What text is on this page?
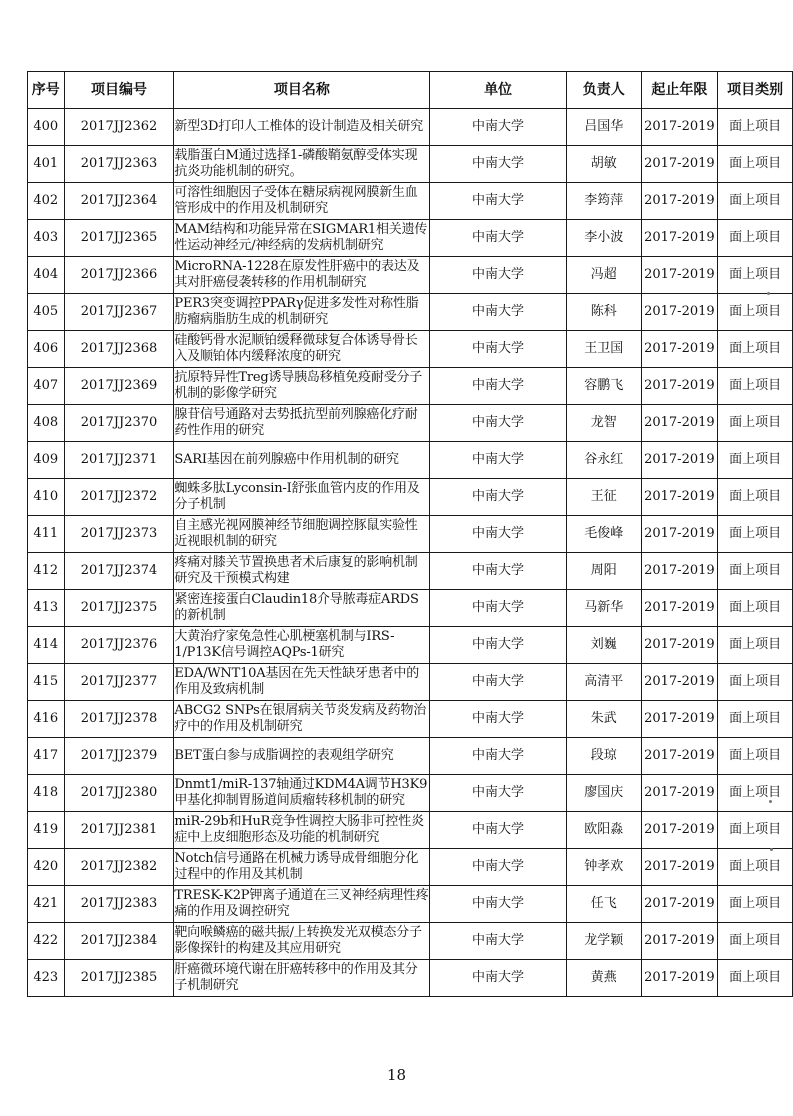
序号	项目编号	项目名称	单位	负责人	起止年限	项目类别
400	2017JJ2362	新型3D打印人工椎体的设计制造及相关研究	中南大学	吕国华	2017-2019	面上项目
401	2017JJ2363	载脂蛋白M通过选择1-磷酸鞘氨醇受体实现抗炎功能机制的研究。	中南大学	胡敏	2017-2019	面上项目
402	2017JJ2364	可溶性细胞因子受体在糖尿病视网膜新生血管形成中的作用及机制研究	中南大学	李筠萍	2017-2019	面上项目
403	2017JJ2365	MAM结构和功能异常在SIGMAR1相关遗传性运动神经元/神经病的发病机制研究	中南大学	李小波	2017-2019	面上项目
404	2017JJ2366	MicroRNA-1228在原发性肝癌中的表达及其对肝癌侵袭转移的作用机制研究	中南大学	冯超	2017-2019	面上项目
405	2017JJ2367	PER3突变调控PPARγ促进多发性对称性脂肪瘤病脂肪生成的机制研究	中南大学	陈科	2017-2019	面上项目
406	2017JJ2368	硅酸钙骨水泥顺铂缓释微球复合体诱导骨长入及顺铂体内缓释浓度的研究	中南大学	王卫国	2017-2019	面上项目
407	2017JJ2369	抗原特异性Treg诱导胰岛移植免疫耐受分子机制的影像学研究	中南大学	容鹏飞	2017-2019	面上项目
408	2017JJ2370	腺苷信号通路对去势抵抗型前列腺癌化疗耐药性作用的研究	中南大学	龙智	2017-2019	面上项目
409	2017JJ2371	SARI基因在前列腺癌中作用机制的研究	中南大学	谷永红	2017-2019	面上项目
410	2017JJ2372	蜘蛛多肽Lyconsin-I舒张血管内皮的作用及分子机制	中南大学	王征	2017-2019	面上项目
411	2017JJ2373	自主感光视网膜神经节细胞调控豚鼠实验性近视眼机制的研究	中南大学	毛俊峰	2017-2019	面上项目
412	2017JJ2374	疼痛对膝关节置换患者术后康复的影响机制研究及干预模式构建	中南大学	周阳	2017-2019	面上项目
413	2017JJ2375	紧密连接蛋白Claudin18介导脓毒症ARDS的新机制	中南大学	马新华	2017-2019	面上项目
414	2017JJ2376	大黄治疗家兔急性心肌梗塞机制与IRS-1/P13K信号调控AQPs-1研究	中南大学	刘巍	2017-2019	面上项目
415	2017JJ2377	EDA/WNT10A基因在先天性缺牙患者中的作用及致病机制	中南大学	高清平	2017-2019	面上项目
416	2017JJ2378	ABCG2 SNPs在银屑病关节炎发病及药物治疗中的作用及机制研究	中南大学	朱武	2017-2019	面上项目
417	2017JJ2379	BET蛋白参与成脂调控的表观组学研究	中南大学	段琼	2017-2019	面上项目
418	2017JJ2380	Dnmt1/miR-137轴通过KDM4A调节H3K9甲基化抑制胃肠道间质瘤转移机制的研究	中南大学	廖国庆	2017-2019	面上项目
419	2017JJ2381	miR-29b和HuR竞争性调控大肠非可控性炎症中上皮细胞形态及功能的机制研究	中南大学	欧阳淼	2017-2019	面上项目
420	2017JJ2382	Notch信号通路在机械力诱导成骨细胞分化过程中的作用及其机制	中南大学	钟孝欢	2017-2019	面上项目
421	2017JJ2383	TRESK-K2P钾离子通道在三叉神经病理性疼痛的作用及调控研究	中南大学	任飞	2017-2019	面上项目
422	2017JJ2384	靶向喉鳞癌的磁共振/上转换发光双模态分子影像探针的构建及其应用研究	中南大学	龙学颖	2017-2019	面上项目
423	2017JJ2385	肝癌微环境代谢在肝癌转移中的作用及其分子机制研究	中南大学	黄燕	2017-2019	面上项目
18
